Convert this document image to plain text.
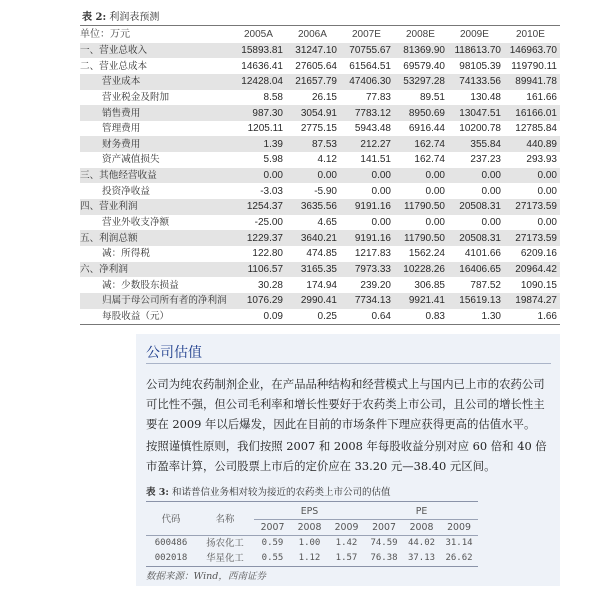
表 2: 利润表预测
单位：万元	2005A	2006A	2007E	2008E	2009E	2010E
一、营业总收入	15893.81	31247.10	70755.67	81369.90	118613.70	146963.70
二、营业总成本	14636.41	27605.64	61564.51	69579.40	98105.39	119790.11
营业成本	12428.04	21657.79	47406.30	53297.28	74133.56	89941.78
营业税金及附加	8.58	26.15	77.83	89.51	130.48	161.66
销售费用	987.30	3054.91	7783.12	8950.69	13047.51	16166.01
管理费用	1205.11	2775.15	5943.48	6916.44	10200.78	12785.84
财务费用	1.39	87.53	212.27	162.74	355.84	440.89
资产减值损失	5.98	4.12	141.51	162.74	237.23	293.93
三、其他经营收益	0.00	0.00	0.00	0.00	0.00	0.00
投资净收益	-3.03	-5.90	0.00	0.00	0.00	0.00
四、营业利润	1254.37	3635.56	9191.16	11790.50	20508.31	27173.59
营业外收支净额	-25.00	4.65	0.00	0.00	0.00	0.00
五、利润总额	1229.37	3640.21	9191.16	11790.50	20508.31	27173.59
减：所得税	122.80	474.85	1217.83	1562.24	4101.66	6209.16
六、净利润	1106.57	3165.35	7973.33	10228.26	16406.65	20964.42
减：少数股东损益	30.28	174.94	239.20	306.85	787.52	1090.15
归属于母公司所有者的净利润	1076.29	2990.41	7734.13	9921.41	15619.13	19874.27
每股收益（元）	0.09	0.25	0.64	0.83	1.30	1.66
公司估值
公司为纯农药制剂企业，在产品品种结构和经营模式上与国内已上市的农药公司可比性不强，但公司毛利率和增长性要好于农药类上市公司，且公司的增长性主要在 2009 年以后爆发，因此在目前的市场条件下理应获得更高的估值水平。
按照谨慎性原则，我们按照 2007 和 2008 年每股收益分别对应 60 倍和 40 倍市盈率计算，公司股票上市后的定价应在 33.20 元—38.40 元区间。
表 3: 和诺普信业务相对较为接近的农药类上市公司的估值
代码	名称	EPS			PE		
		2007	2008	2009	2007	2008	2009
600486	扬农化工	0.59	1.00	1.42	74.59	44.02	31.14
002018	华星化工	0.55	1.12	1.57	76.38	37.13	26.62
数据来源：Wind，西南证券
